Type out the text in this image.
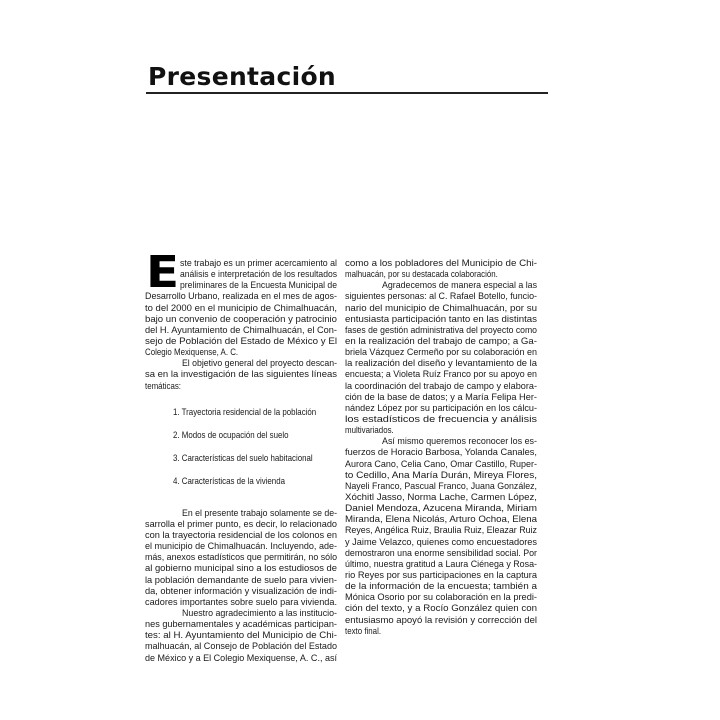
Presentación
E ste trabajo es un primer acercamiento al
análisis e interpretación de los resultados
preliminares de la Encuesta Municipal de
Desarrollo Urbano, realizada en el mes de agos-
to del 2000 en el municipio de Chimalhuacán,
bajo un convenio de cooperación y patrocinio
del H. Ayuntamiento de Chimalhuacán, el Con-
sejo de Población del Estado de México y El
Colegio Mexiquense, A. C.
El objetivo general del proyecto descan-
sa en la investigación de las siguientes líneas
temáticas:
1. Trayectoria residencial de la población
2. Modos de ocupación del suelo
3. Características del suelo habitacional
4. Características de la vivienda
En el presente trabajo solamente se de-
sarrolla el primer punto, es decir, lo relacionado
con la trayectoria residencial de los colonos en
el municipio de Chimalhuacán. Incluyendo, ade-
más, anexos estadísticos que permitirán, no sólo
al gobierno municipal sino a los estudiosos de
la población demandante de suelo para vivien-
da, obtener información y visualización de indi-
cadores importantes sobre suelo para vivienda.
Nuestro agradecimiento a las institucio-
nes gubernamentales y académicas participan-
tes: al H. Ayuntamiento del Municipio de Chi-
malhuacán, al Consejo de Población del Estado
de México y a El Colegio Mexiquense, A. C., así
como a los pobladores del Municipio de Chi-
malhuacán, por su destacada colaboración.
Agradecemos de manera especial a las
siguientes personas: al C. Rafael Botello, funcio-
nario del municipio de Chimalhuacán, por su
entusiasta participación tanto en las distintas
fases de gestión administrativa del proyecto como
en la realización del trabajo de campo; a Ga-
briela Vázquez Cermeño por su colaboración en
la realización del diseño y levantamiento de la
encuesta; a Violeta Ruíz Franco por su apoyo en
la coordinación del trabajo de campo y elabora-
ción de la base de datos; y a María Felipa Her-
nández López por su participación en los cálcu-
los estadísticos de frecuencia y análisis
multivariados.
Así mismo queremos reconocer los es-
fuerzos de Horacio Barbosa, Yolanda Canales,
Aurora Cano, Celia Cano, Omar Castillo, Ruper-
to Cedillo, Ana María Durán, Mireya Flores,
Nayeli Franco, Pascual Franco, Juana González,
Xóchitl Jasso, Norma Lache, Carmen López,
Daniel Mendoza, Azucena Miranda, Miriam
Miranda, Elena Nicolás, Arturo Ochoa, Elena
Reyes, Angélica Ruiz, Braulia Ruiz, Eleazar Ruiz
y Jaime Velazco, quienes como encuestadores
demostraron una enorme sensibilidad social. Por
último, nuestra gratitud a Laura Ciénega y Rosa-
rio Reyes por sus participaciones en la captura
de la información de la encuesta; también a
Mónica Osorio por su colaboración en la predi-
ción del texto, y a Rocío González quien con
entusiasmo apoyó la revisión y corrección del
texto final.
